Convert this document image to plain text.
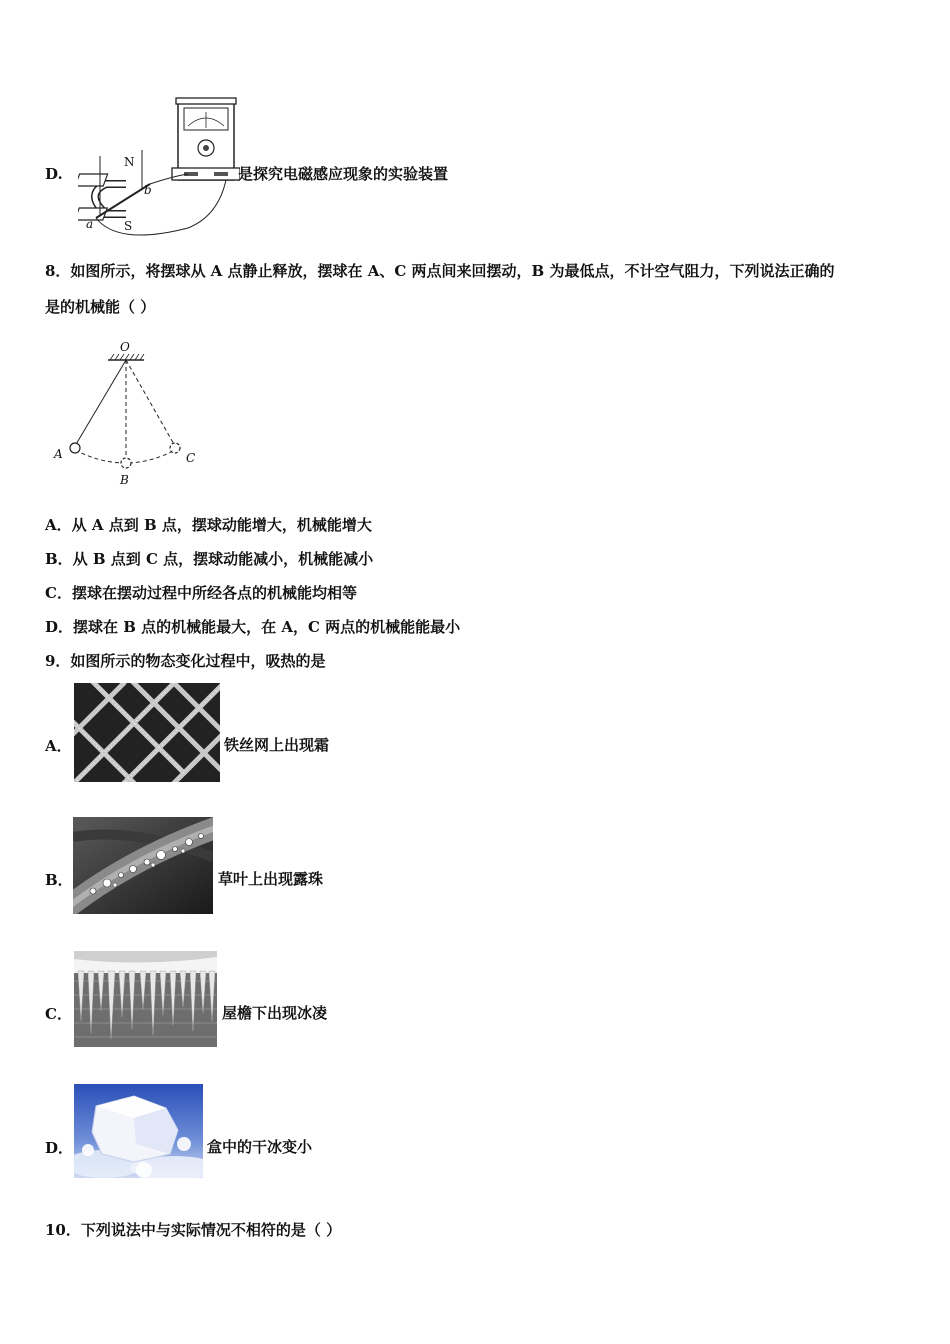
D.
N
S
a
b
是探究电磁感应现象的实验装置
8．如图所示，将摆球从 A 点静止释放，摆球在 A、C 两点间来回摆动，B 为最低点，不计空气阻力，下列说法正确的
是的机械能（ ）
O
A
B
C
A．从 A 点到 B 点，摆球动能增大，机械能增大
B．从 B 点到 C 点，摆球动能减小，机械能减小
C．摆球在摆动过程中所经各点的机械能均相等
D．摆球在 B 点的机械能最大，在 A，C 两点的机械能能最小
9．如图所示的物态变化过程中，吸热的是
A．	铁丝网上出现霜
B．	草叶上出现露珠
C．	屋檐下出现冰凌
D．	盒中的干冰变小
10．下列说法中与实际情况不相符的是（ ）
